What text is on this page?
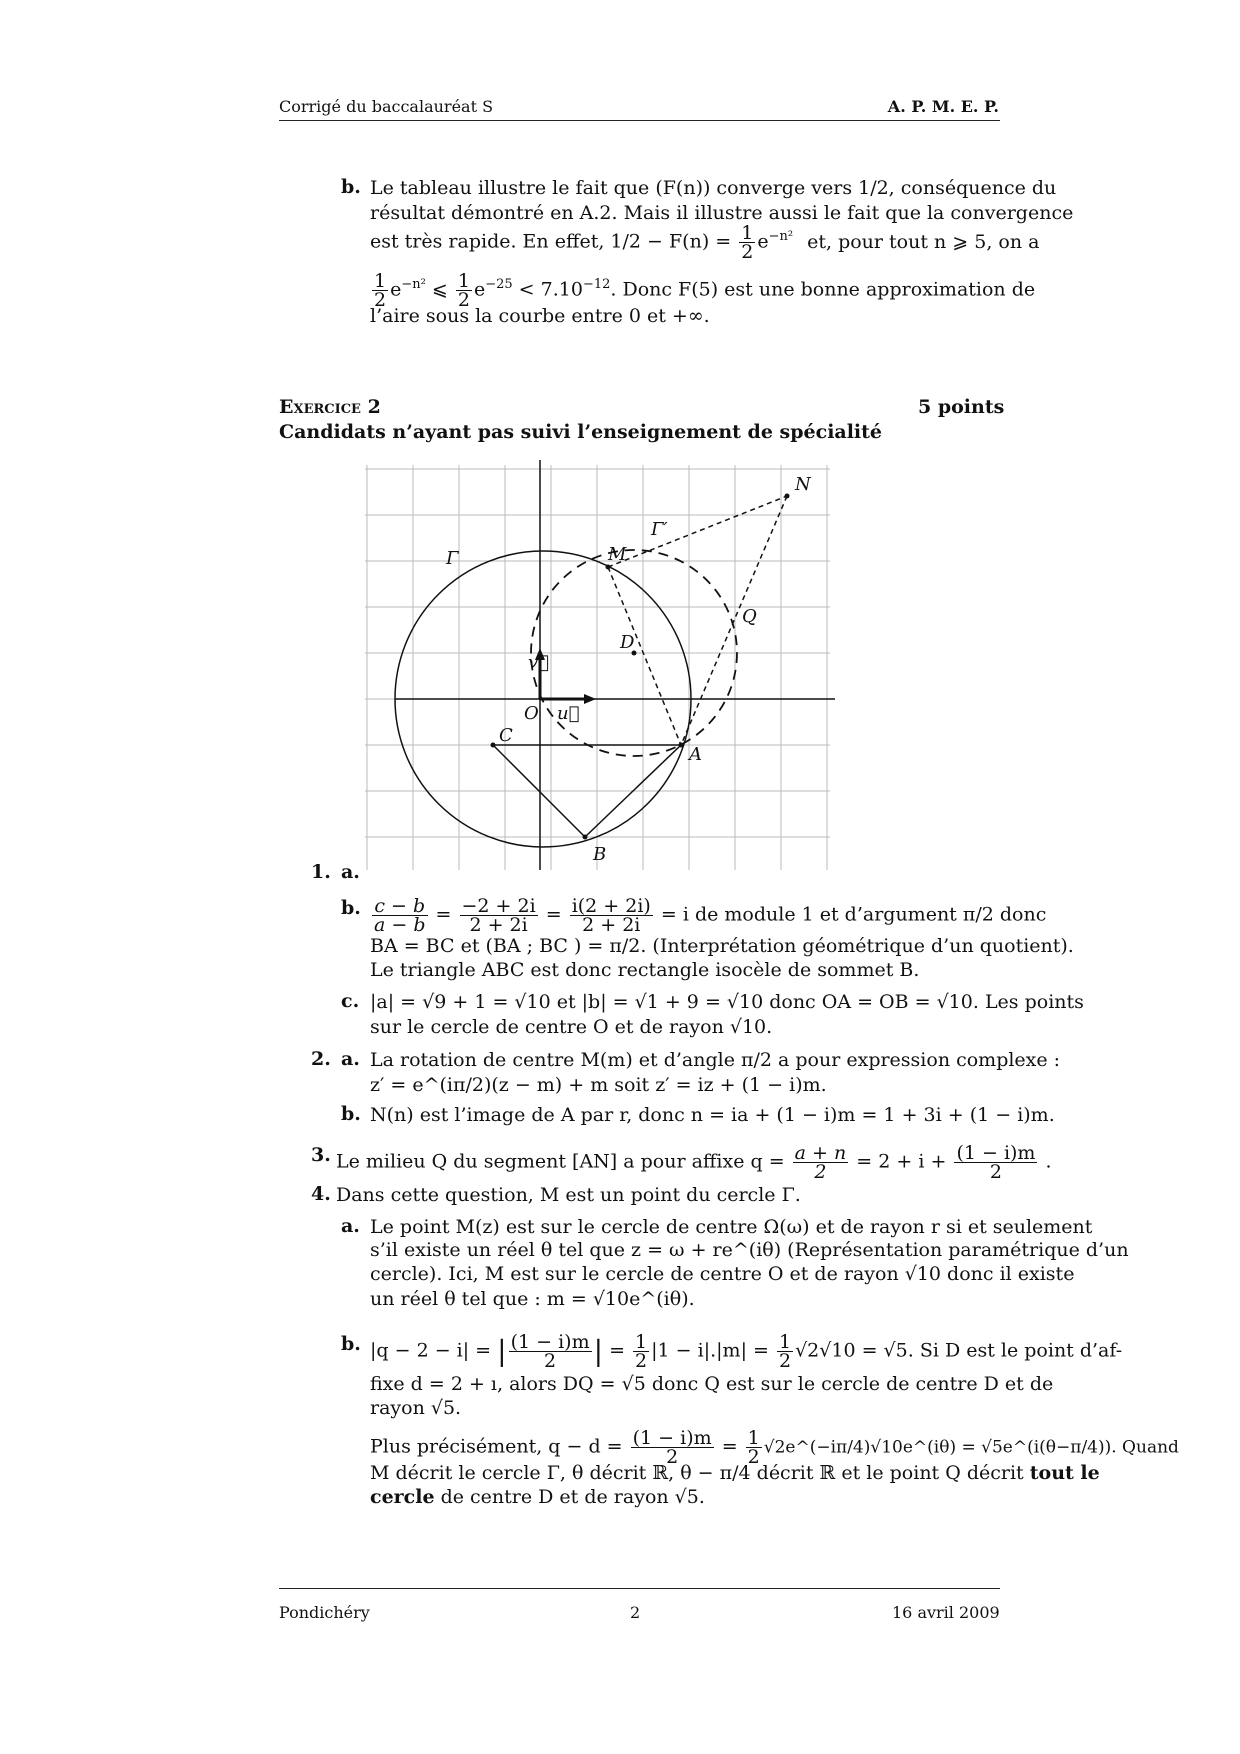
Corrigé du baccalauréat S	A. P. M. E. P.
b. Le tableau illustre le fait que (F(n)) converge vers 1/2, conséquence du
résultat démontré en A.2. Mais il illustre aussi le fait que la convergence
est très rapide. En effet, $1/2 - F(n) = \frac{1}{2} e^{-n^2}$ et, pour tout n ⩾ 5, on a
$\frac{1}{2} e^{-n^2}$ ⩽ $\frac{1}{2} e^{-25} < 7.10^{-12}$. Donc F(5) est une bonne approximation de
l’aire sous la courbe entre 0 et +∞.
Exercice 2	5 points
Candidats n’ayant pas suivi l’enseignement de spécialité
N
M
Γ′
Γ
Q
D
v⃗
O u⃗
C
A
B
1. a.
b. $\frac{c - b}{a - b} = \frac{-2 + 2i}{2 + 2i} = \frac{i(2 + 2i)}{2 + 2i} = i$ de module 1 et d’argument π/2 donc
BA = BC et (BA ; BC ) = π/2. (Interprétation géométrique d’un quotient).
Le triangle ABC est donc rectangle isocèle de sommet B.
c. |a| = √9 + 1 = √10 et |b| = √1 + 9 = √10 donc OA = OB = √10. Les points
sur le cercle de centre O et de rayon √10.
2. a. La rotation de centre M(m) et d’angle π/2 a pour expression complexe :
z′ = e^(iπ/2)(z − m) + m soit z′ = iz + (1 − i)m.
b. N(n) est l’image de A par r, donc n = ia + (1 − i)m = 1 + 3i + (1 − i)m.
3. Le milieu Q du segment [AN] a pour affixe $q = \frac{a + n}{2} = 2 + i + \frac{(1 - i)m}{2}$ .
4. Dans cette question, M est un point du cercle Γ.
a. Le point M(z) est sur le cercle de centre Ω(ω) et de rayon r si et seulement
s’il existe un réel θ tel que z = ω + re^(iθ) (Représentation paramétrique d’un
cercle). Ici, M est sur le cercle de centre O et de rayon √10 donc il existe
un réel θ tel que : m = √10e^(iθ).
b. |q − 2 − i| = | $\frac{(1 - i)m}{2}$ | = $\frac{1}{2} |1 - i|.|m| = \frac{1}{2} √2√10 = √5$. Si D est le point d’af-
fixe d = 2 + ı, alors DQ = √5 donc Q est sur le cercle de centre D et de
rayon √5.
Plus précisément, $q - d = \frac{(1 - i)m}{2} = \frac{1}{2}$ √2e^(−iπ/4)√10e^(iθ) = √5e^(i(θ−π/4)). Quand
M décrit le cercle Γ, θ décrit ℝ, θ − π/4 décrit ℝ et le point Q décrit tout le
cercle de centre D et de rayon √5.
Pondichéry	2	16 avril 2009
